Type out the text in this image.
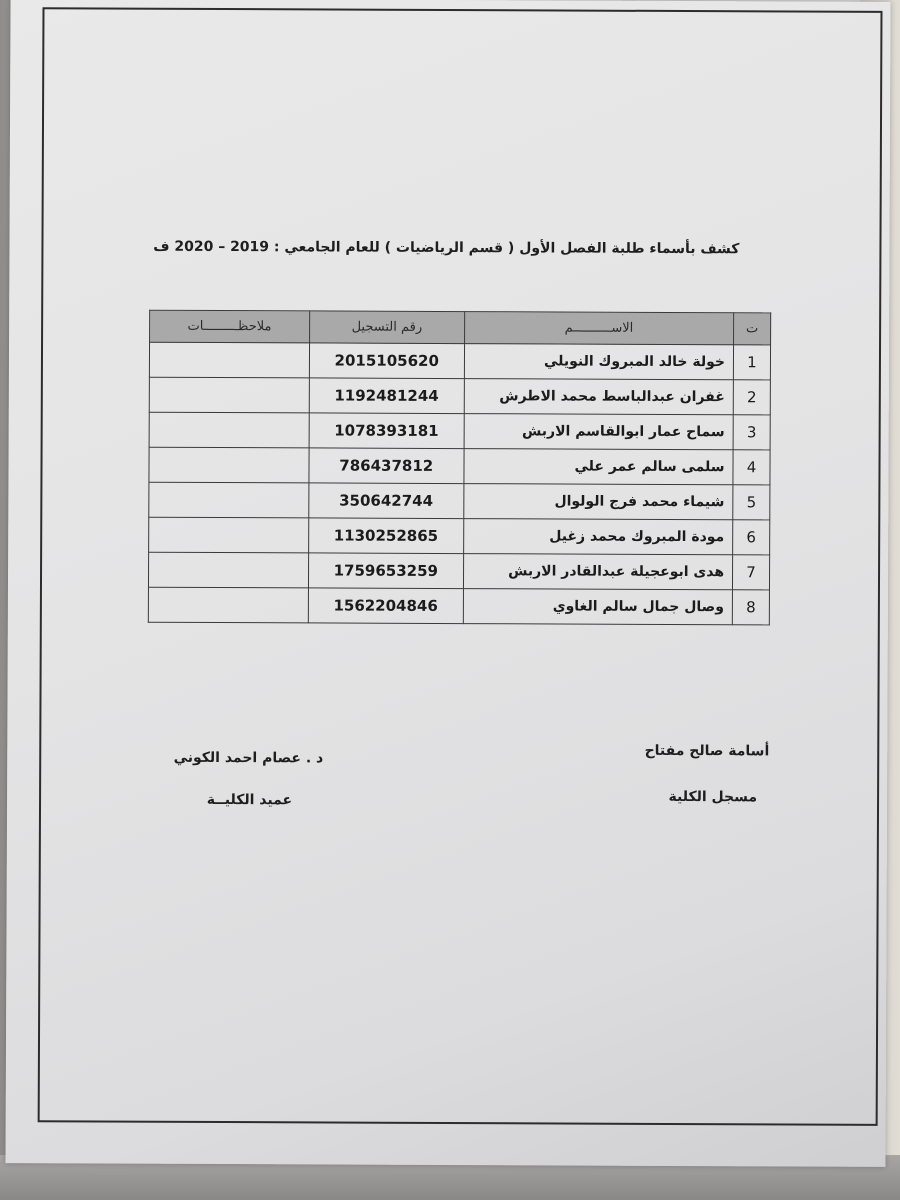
كشف بأسماء طلبة الفصل الأول ( قسم الرياضيات ) للعام الجامعي : 2019 – 2020 ف
ت	الاســــــــــم	رقم التسجيل	ملاحظـــــــــات
1	خولة خالد المبروك النويلي	2015105620	
2	غفران عبدالباسط محمد الاطرش	1192481244	
3	سماح عمار ابوالقاسم الاربش	1078393181	
4	سلمى سالم عمر علي	786437812	
5	شيماء محمد فرج الولوال	350642744	
6	مودة المبروك محمد زغيل	1130252865	
7	هدى ابوعجيلة عبدالقادر الاربش	1759653259	
8	وصال جمال سالم الغاوي	1562204846	
أسامة صالح مفتاح
مسجل الكلية
د . عصام احمد الكوني
عميد الكليــة
